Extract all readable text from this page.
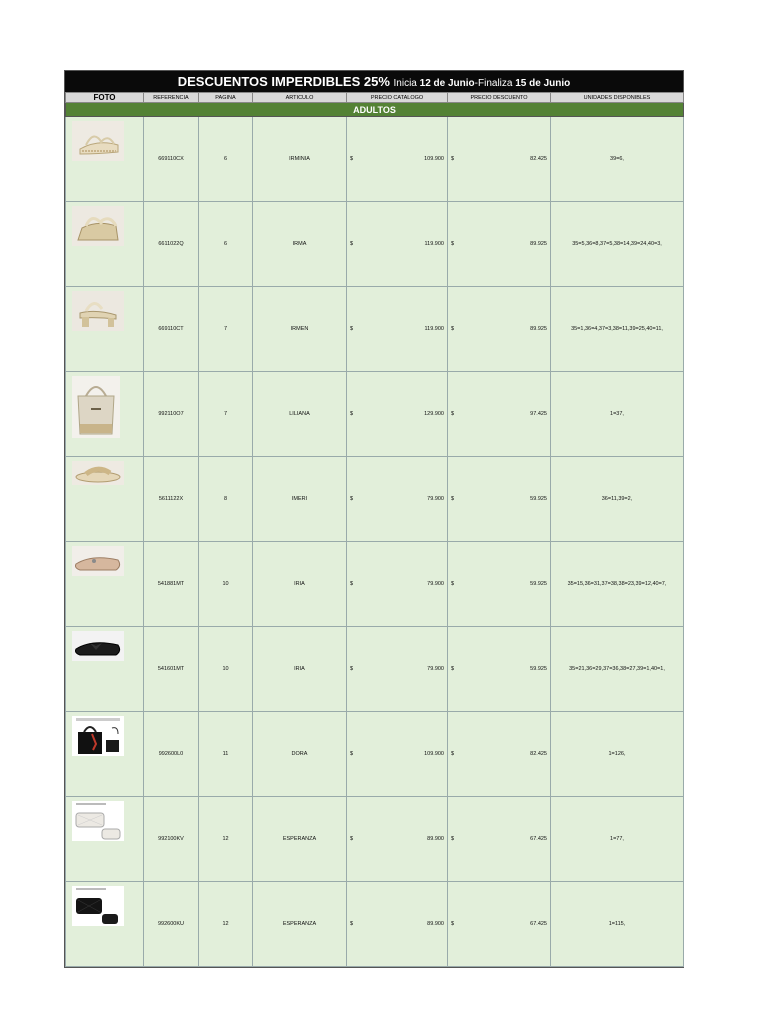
DESCUENTOS IMPERDIBLES 25% Inicia 12 de Junio-Finaliza 15 de Junio
FOTO	REFERENCIA	PAGINA	ARTICULO	PRECIO CATALOGO	PRECIO DESCUENTO	UNIDADES DISPONIBLES
ADULTOS						

	669110CX	6	IRMINIA	$ 109.900	$ 82.425	39=6,

	6611022Q	6	IRMA	$ 119.900	$ 89.925	35=5,36=8,37=5,38=14,39=24,40=3,

	669110CT	7	IRMEN	$ 119.900	$ 89.925	35=1,36=4,37=3,38=11,39=25,40=11,

	992110O7	7	LILIANA	$ 129.900	$ 97.425	1=37,

	5611122X	8	IMERI	$ 79.900	$ 59.925	36=11,39=2,

	541881MT	10	IRIA	$ 79.900	$ 59.925	35=15,36=31,37=38,38=23,39=12,40=7,

	541601MT	10	IRIA	$ 79.900	$ 59.925	35=21,36=29,37=36,38=27,39=1,40=1,

	992600L0	11	DORA	$ 109.900	$ 82.425	1=126,

	992100KV	12	ESPERANZA	$ 89.900	$ 67.425	1=77,

	992600KU	12	ESPERANZA	$ 89.900	$ 67.425	1=115,
